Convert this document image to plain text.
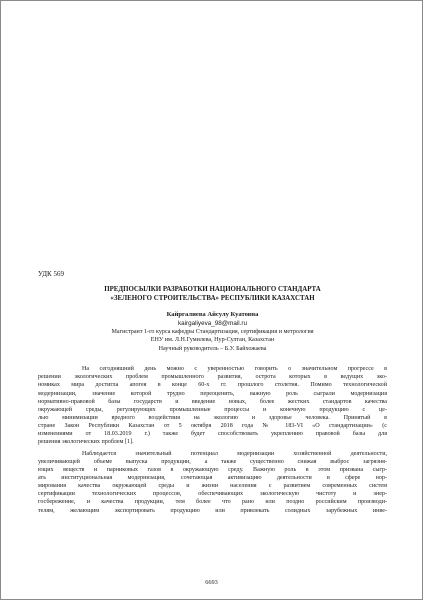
УДК 569
ПРЕДПОСЫЛКИ РАЗРАБОТКИ НАЦИОНАЛЬНОГО СТАНДАРТА
«ЗЕЛЕНОГО СТРОИТЕЛЬСТВА» РЕСПУБЛИКИ КАЗАХСТАН
Кайргалиева Айсулу Куатовна
kairgaliyeva_98@mail.ru
Магистрант 1-го курса кафедры Стандартизация, сертификация и метрология
ЕНУ им. Л.Н.Гумилева, Нур-Султан, Казахстан
Научный руководитель – Б.У. Байхожаева
На сегодняшний день можно с уверенностью говорить о значительном прогрессе в
решении экологических проблем промышленного развития, острота которых в ведущих эко-
номиках мира достигла апогея в конце 60-х гг. прошлого столетия. Помимо технологической
модернизации, значение которой трудно переоценить, важную роль сыграли модернизация
нормативно-правовой базы государств и введение новых, более жестких стандартов качества
окружающей среды, регулирующих промышленные процессы и конечную продукцию с це-
лью минимизации вредного воздействия на экологию и здоровье человека. Принятый в
стране Закон Республики Казахстан от 5 октября 2018 года № 183-VI «О стандартизации» (с
изменениями от 18.03.2019 г.) также будет способствовать укреплению правовой базы для
решения экологических проблем [1].
Наблюдается значительный потенциал модернизации хозяйственной деятельности,
увеличивающей объеме выпуска продукции, а также существенно снижая выброс загрязня-
ющих веществ и парниковых газов в окружающую среду. Важную роль в этом призвана сыгр-
ать институциональная модернизация, сочетающая активизацию деятельности в сфере нор-
мирования качества окружающей среды и жизни населения с развитием современных систем
сертификации технологических процессов, обеспечивающих экологическую чистоту и энер-
госбережение, и качества продукции, тем более что рано или поздно российским производи-
телям, желающим экспортировать продукцию или привлекать солидных зарубежных инве-
6693
